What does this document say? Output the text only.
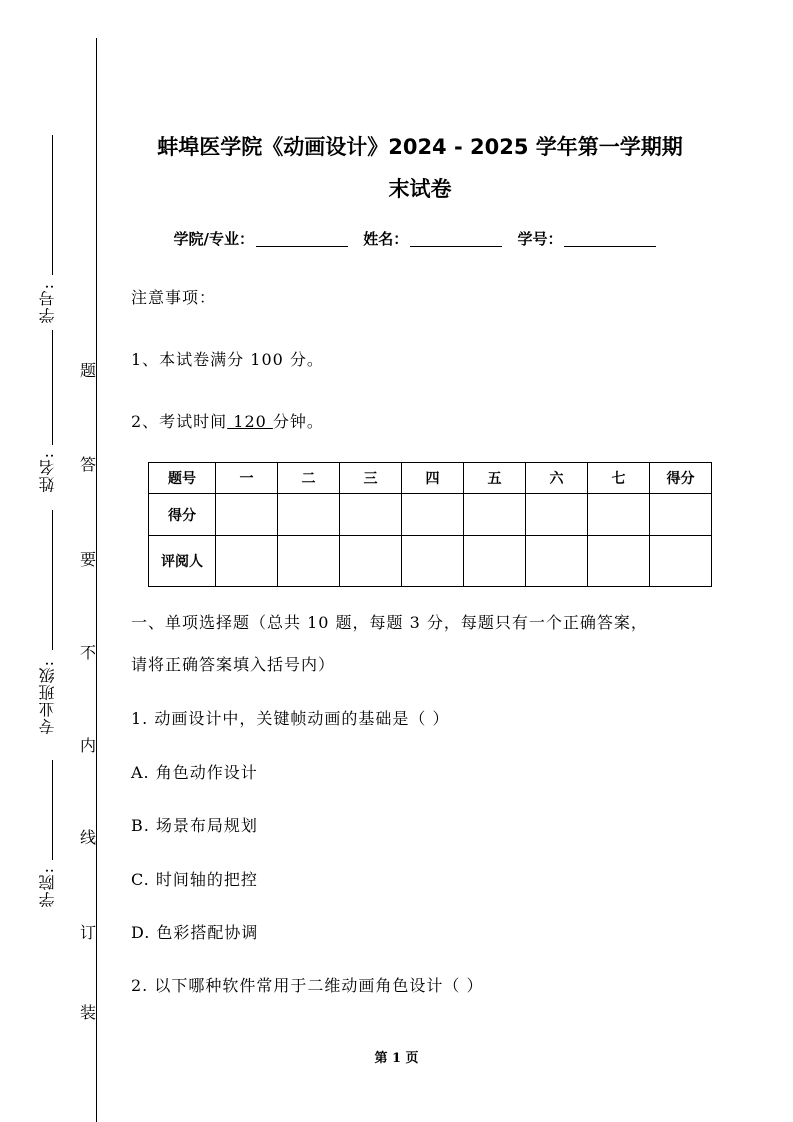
学号:
姓名:
专业班级:
学院:
装
订
线
内
不
要
答
题
蚌埠医学院《动画设计》2024 - 2025 学年第一学期期
末试卷
学院/专业：	姓名：	学号：
注意事项：
1、本试卷满分 100 分。
2、考试时间 120 分钟。
题号	一	二	三	四	五	六	七	得分
得分								
评阅人								
一、单项选择题（总共 10 题，每题 3 分，每题只有一个正确答案，
请将正确答案填入括号内）
1. 动画设计中，关键帧动画的基础是（ ）
A. 角色动作设计
B. 场景布局规划
C. 时间轴的把控
D. 色彩搭配协调
2. 以下哪种软件常用于二维动画角色设计（ ）
第 1 页
